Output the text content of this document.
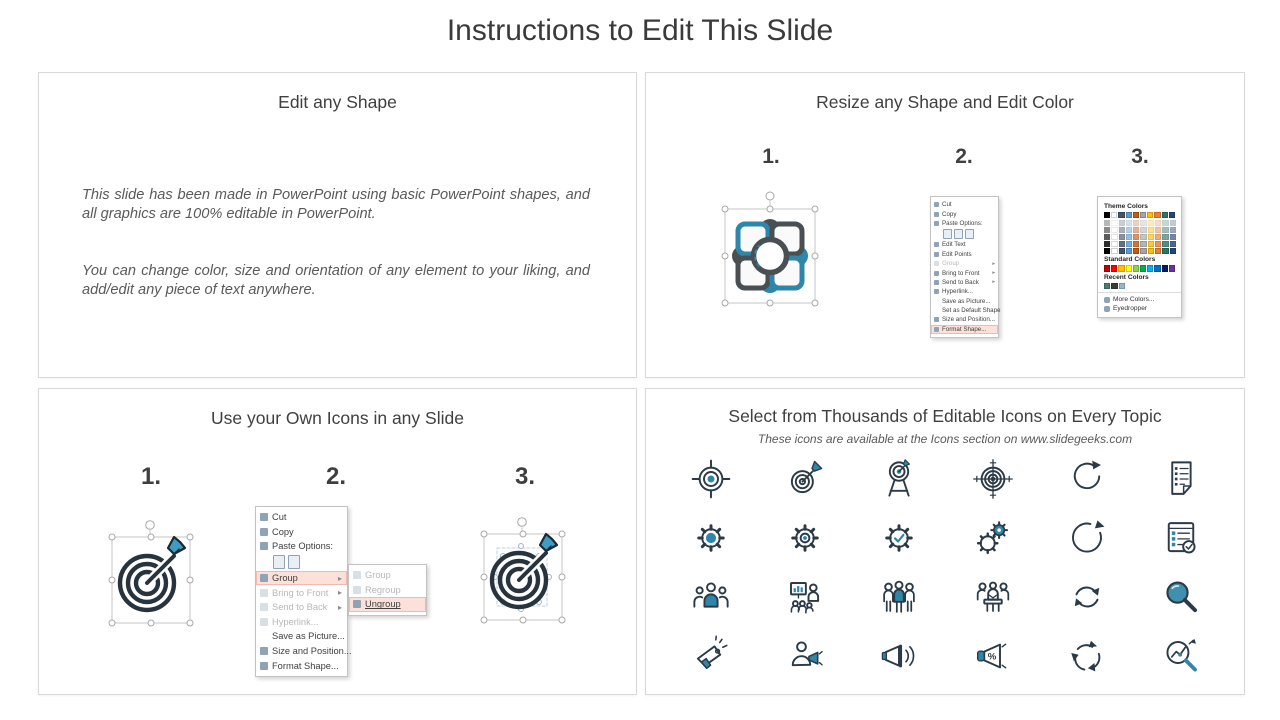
Instructions to Edit This Slide
Edit any Shape

This slide has been made in PowerPoint using basic PowerPoint shapes, and all graphics are 100% editable in PowerPoint.

You can change color, size and orientation of any element to your liking, and add/edit any piece of text anywhere.

Resize any Shape and Edit Color
1.	2.	3.
Cut
Copy
Paste Options:
Edit Text
Edit Points
Group	▸
Bring to Front ▸
Send to Back	▸
Hyperlink...
Save as Picture...
Set as Default Shape
Size and Position...
Format Shape...
Theme Colors
Standard Colors
Recent Colors
More Colors...
Eyedropper
Use your Own Icons in any Slide
1.	2.	3.
Cut
Copy
Paste Options:
Group	▸
Bring to Front ▸
Send to Back ▸
Hyperlink...
Save as Picture...
Size and Position...
Format Shape...
Group
Regroup
Ungroup
Select from Thousands of Editable Icons on Every Topic
These icons are available at the Icons section on www.slidegeeks.com
%
